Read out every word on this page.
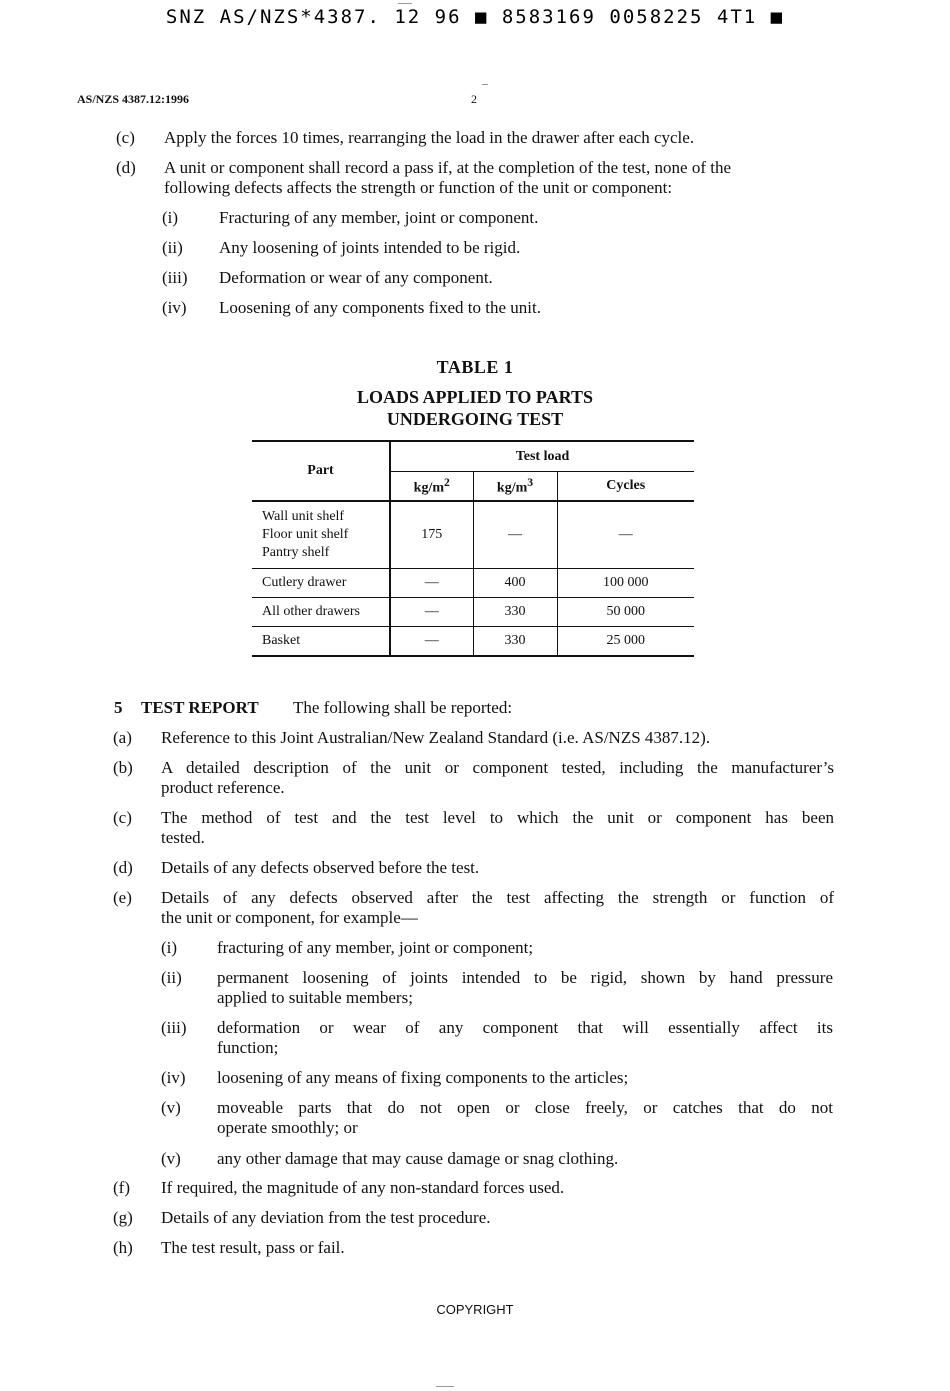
SNZ AS/NZS*4387. 12 96 ■ 8583169 0058225 4T1 ■
AS/NZS 4387.12:1996	2
(c) Apply the forces 10 times, rearranging the load in the drawer after each cycle.
(d) A unit or component shall record a pass if, at the completion of the test, none of the
following defects affects the strength or function of the unit or component:
(i) Fracturing of any member, joint or component.
(ii) Any loosening of joints intended to be rigid.
(iii) Deformation or wear of any component.
(iv) Loosening of any components fixed to the unit.
TABLE 1
LOADS APPLIED TO PARTS
UNDERGOING TEST
Part	Test load		
	$kg/m^2$	$kg/m^3$	Cycles
Wall unit shelf
Floor unit shelf
Pantry shelf	175	—	—
Cutlery drawer	—	400	100 000
All other drawers	—	330	50 000
Basket	—	330	25 000
5 TEST REPORT The following shall be reported:
(a) Reference to this Joint Australian/New Zealand Standard (i.e. AS/NZS 4387.12).
(b) A detailed description of the unit or component tested, including the manufacturer’s
product reference.
(c) The method of test and the test level to which the unit or component has been
tested.
(d) Details of any defects observed before the test.
(e) Details of any defects observed after the test affecting the strength or function of
the unit or component, for example—
(i) fracturing of any member, joint or component;
(ii) permanent loosening of joints intended to be rigid, shown by hand pressure
applied to suitable members;
(iii) deformation or wear of any component that will essentially affect its
function;
(iv) loosening of any means of fixing components to the articles;
(v) moveable parts that do not open or close freely, or catches that do not
operate smoothly; or
(v) any other damage that may cause damage or snag clothing.
(f) If required, the magnitude of any non-standard forces used.
(g) Details of any deviation from the test procedure.
(h) The test result, pass or fail.
COPYRIGHT
